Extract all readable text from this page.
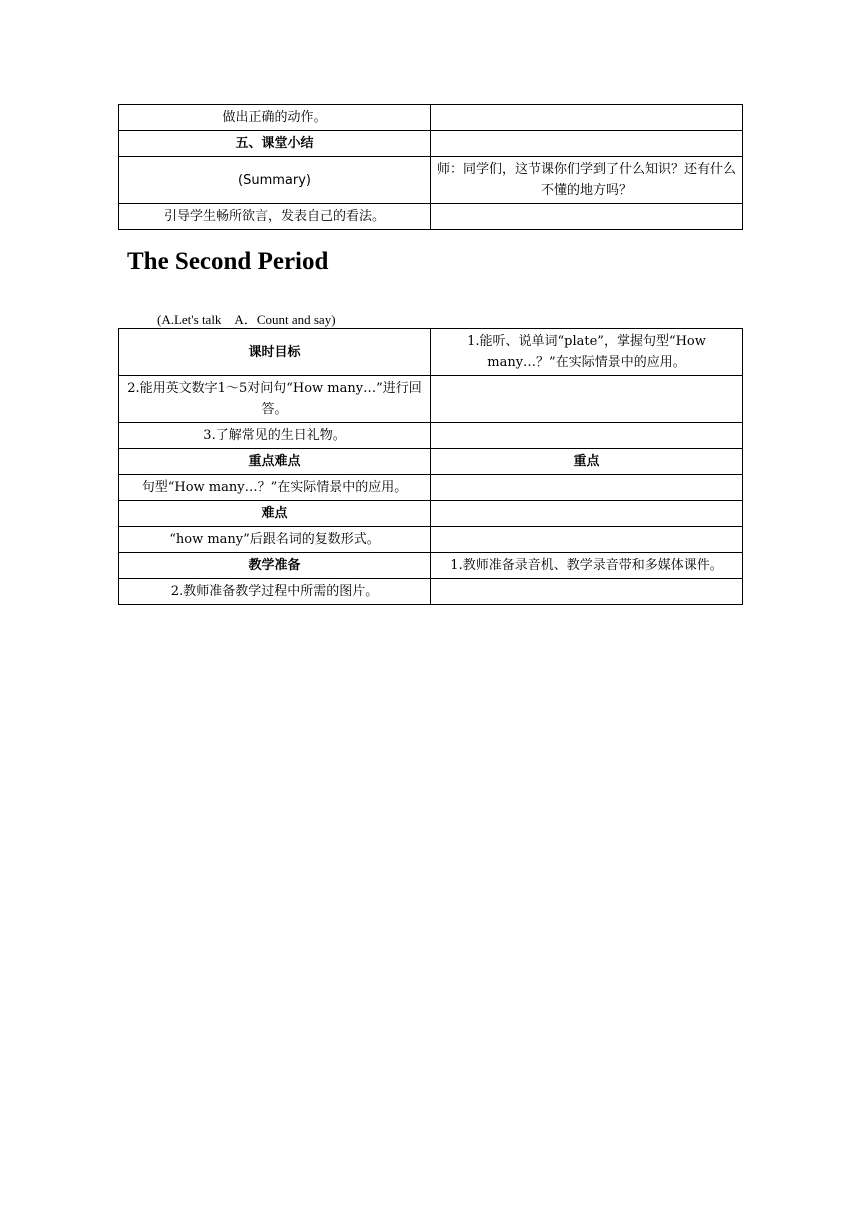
做出正确的动作。	
五、课堂小结	
(Summary)	师：同学们，这节课你们学到了什么知识？还有什么不懂的地方吗？
引导学生畅所欲言，发表自己的看法。	
The Second Period
(A.Let's talk　A．Count and say)
课时目标	1.能听、说单词“plate”，掌握句型“How many…？”在实际情景中的应用。
2.能用英文数字1～5对问句“How many…”进行回答。	
3.了解常见的生日礼物。	
重点难点	重点
句型“How many…？”在实际情景中的应用。	
难点	
“how many”后跟名词的复数形式。	
教学准备	1.教师准备录音机、教学录音带和多媒体课件。
2.教师准备教学过程中所需的图片。	
